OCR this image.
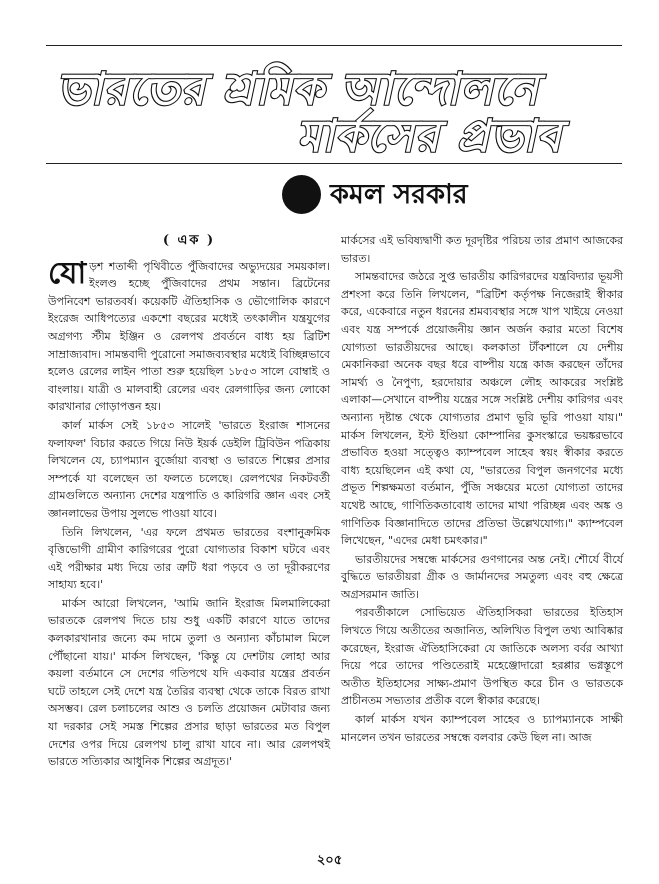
ভারতের শ্রমিক আন্দোলনে
মার্কসের প্রভাব
কমল সরকার
( এক )

যোড়শ শতাব্দী পৃথিবীতে পুঁজিবাদের অভ্যুদয়ের সময়কাল। ইংলণ্ড হচ্ছে পুঁজিবাদের প্রথম সন্তান। ব্রিটেনের উপনিবেশ ভারতবর্ষ। কয়েকটি ঐতিহাসিক ও ভৌগোলিক কারণে ইংরেজ আধিপত্যের একশো বছরের মধ্যেই তৎকালীন যন্ত্রযুগের অগ্রগণ্য স্টীম ইঞ্জিন ও রেলপথ প্রবর্তনে বাধ্য হয় ব্রিটিশ সাম্রাজ্যবাদ। সামন্তবাদী পুরোনো সমাজব্যবস্থার মধ্যেই বিচ্ছিন্নভাবে হলেও রেলের লাইন পাতা শুরু হয়েছিল ১৮৫৩ সালে বোম্বাই ও বাংলায়। যাত্রী ও মালবাহী রেলের এবং রেলগাড়ির জন্য লোকো কারখানার গোড়াপত্তন হয়।

কার্ল মার্কস সেই ১৮৫৩ সালেই 'ভারতে ইংরাজ শাসনের ফলাফল' বিচার করতে গিয়ে নিউ ইয়র্ক ডেইলি ট্রিবিউন পত্রিকায় লিখলেন যে, চ্যাপম্যান বুর্জোয়া ব্যবস্থা ও ভারতে শিল্পের প্রসার সম্পর্কে যা বলেছেন তা ফলতে চলেছে। রেলপথের নিকটবর্তী গ্রামগুলিতে অন্যান্য দেশের যন্ত্রপাতি ও কারিগরি জ্ঞান এবং সেই জ্ঞানলাভের উপায় সুলভে পাওয়া যাবে।

তিনি লিখলেন, 'এর ফলে প্রথমত ভারতের বংশানুক্রমিক বৃত্তিভোগী গ্রামীণ কারিগরের পুরো যোগ্যতার বিকাশ ঘটবে এবং এই পরীক্ষার মধ্য দিয়ে তার ত্রুটি ধরা পড়বে ও তা দূরীকরণের সাহায্য হবে।'

মার্কস আরো লিখলেন, 'আমি জানি ইংরাজ মিলমালিকেরা ভারতকে রেলপথ দিতে চায় শুধু একটি কারণে যাতে তাদের কলকারখানার জন্যে কম দামে তুলা ও অন্যান্য কাঁচামাল মিলে পৌঁছানো যায়।' মার্কস লিখছেন, 'কিন্তু যে দেশটায় লোহা আর কয়লা বর্তমানে সে দেশের গতিপথে যদি একবার যন্ত্রের প্রবর্তন ঘটে তাহলে সেই দেশে যন্ত্র তৈরির ব্যবস্থা থেকে তাকে বিরত রাখা অসম্ভব। রেল চলাচলের আশু ও চলতি প্রয়োজন মেটাবার জন্য যা দরকার সেই সমস্ত শিল্পের প্রসার ছাড়া ভারতের মত বিপুল দেশের ওপর দিয়ে রেলপথ চালু রাখা যাবে না। আর রেলপথই ভারতে সত্যিকার আধুনিক শিল্পের অগ্রদূত।'

মার্কসের এই ভবিষ্যদ্বাণী কত দূরদৃষ্টির পরিচয় তার প্রমাণ আজকের ভারত।

সামন্তবাদের জঠরে সুপ্ত ভারতীয় কারিগরদের যন্ত্রবিদ্যার ভূয়সী প্রশংসা করে তিনি লিখলেন, "ব্রিটিশ কর্তৃপক্ষ নিজেরাই স্বীকার করে, একেবারে নতুন ধরনের শ্রমব্যবস্থার সঙ্গে খাপ খাইয়ে নেওয়া এবং যন্ত্র সম্পর্কে প্রয়োজনীয় জ্ঞান অর্জন করার মতো বিশেষ যোগ্যতা ভারতীয়দের আছে। কলকাতা টাঁকশালে যে দেশীয় মেকানিকরা অনেক বছর ধরে বাষ্পীয় যন্ত্রে কাজ করছেন তাঁদের সামর্থ্য ও নৈপুণ্য, হরদোয়ার অঞ্চলে লৌহ আকরের সংশ্লিষ্ট এলাকা—সেখানে বাষ্পীয় যন্ত্রের সঙ্গে সংশ্লিষ্ট দেশীয় কারিগর এবং অন্যান্য দৃষ্টান্ত থেকে যোগ্যতার প্রমাণ ভূরি ভূরি পাওয়া যায়।" মার্কস লিখলেন, ইস্ট ইণ্ডিয়া কোম্পানির কুসংস্কারে ভয়ঙ্করভাবে প্রভাবিত হওয়া সত্ত্বেও ক্যাম্পবেল সাহেব স্বয়ং স্বীকার করতে বাধ্য হয়েছিলেন এই কথা যে, "ভারতের বিপুল জনগণের মধ্যে প্রভূত শিল্পক্ষমতা বর্তমান, পুঁজি সঞ্চয়ের মতো যোগ্যতা তাদের যথেষ্ট আছে, গাণিতিকতাবোধ তাদের মাথা পরিচ্ছন্ন এবং অঙ্ক ও গাণিতিক বিজ্ঞানাদিতে তাদের প্রতিভা উল্লেখযোগ্য।" ক্যাম্পবেল লিখেছেন, "এদের মেধা চমৎকার।"

ভারতীয়দের সম্বন্ধে মার্কসের গুণগানের অন্ত নেই। শৌর্যে বীর্যে বুদ্ধিতে ভারতীয়রা গ্রীক ও জার্মানদের সমতুল্য এবং বহু ক্ষেত্রে অগ্রসরমান জাতি।

পরবর্তীকালে সোভিয়েত ঐতিহাসিকরা ভারতের ইতিহাস লিখতে গিয়ে অতীতের অজানিত, অলিখিত বিপুল তথ্য আবিষ্কার করেছেন, ইংরাজ ঐতিহাসিকেরা যে জাতিকে অলস্য বর্বর আখ্যা দিয়ে পরে তাদের পণ্ডিতেরাই মহেঞ্জোদারো হরপ্পার ভগ্নস্তূপে অতীত ইতিহাসের সাক্ষ্য-প্রমাণ উপস্থিত করে চীন ও ভারতকে প্রাচীনতম সভ্যতার প্রতীক বলে স্বীকার করেছে।

কার্ল মার্কস যখন ক্যাম্পবেল সাহেব ও চ্যাপম্যানকে সাক্ষী মানলেন তখন ভারতের সম্বন্ধে বলবার কেউ ছিল না। আজ

২০৫
